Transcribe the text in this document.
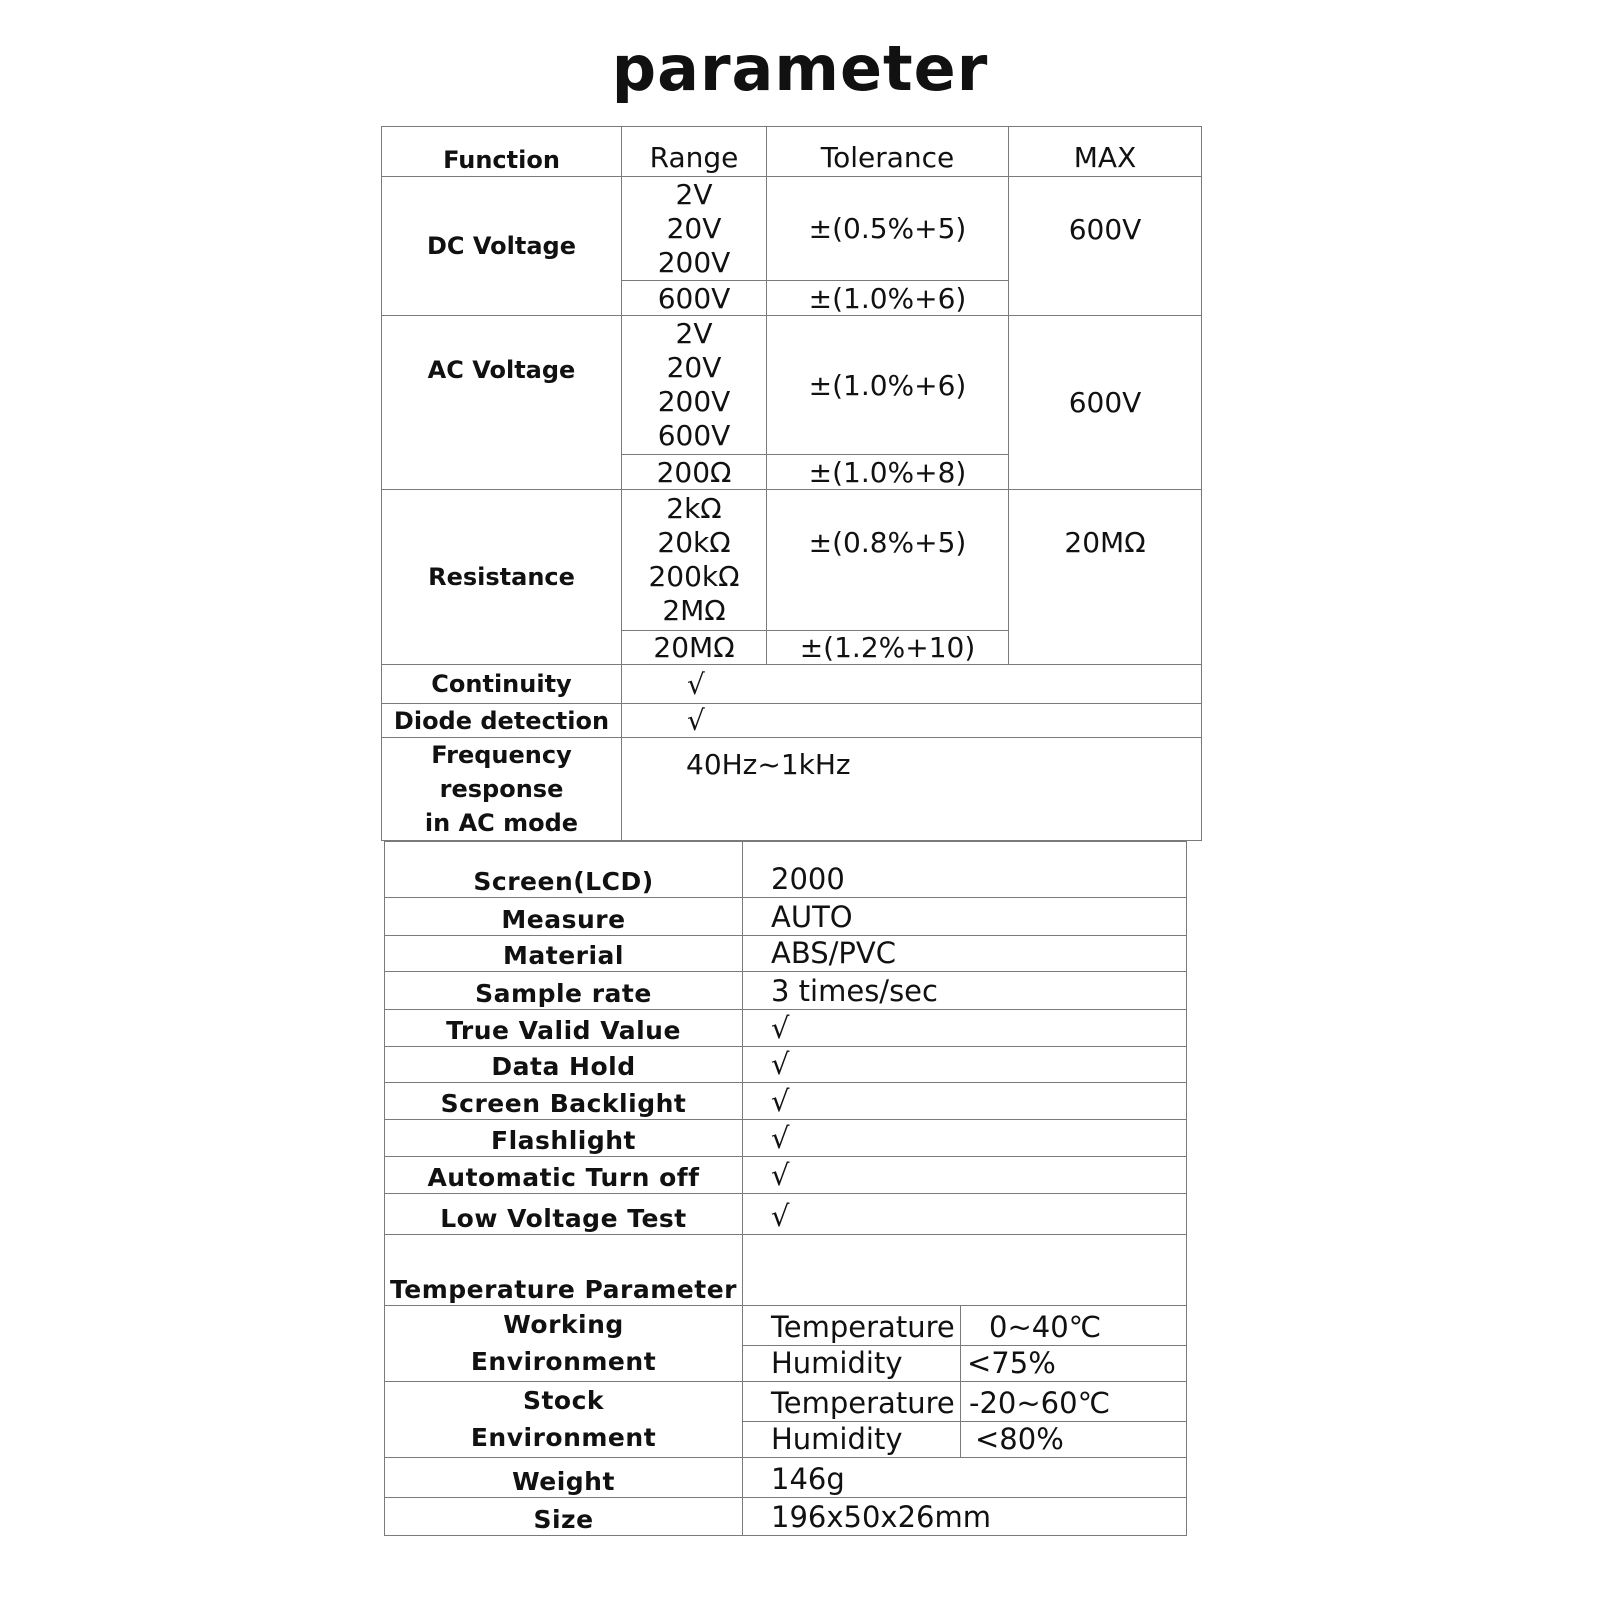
parameter
Function	Range	Tolerance	MAX
DC Voltage	2V
20V
200V	±(0.5%+5)	600V
	600V	±(1.0%+6)	
AC Voltage	2V
20V
200V
600V	±(1.0%+6)	600V
	200Ω	±(1.0%+8)	
Resistance	2kΩ
20kΩ
200kΩ
2MΩ	±(0.8%+5)	20MΩ
	20MΩ	±(1.2%+10)	
Continuity	√		
Diode detection	√		

Frequency response
in AC mode	40Hz~1kHz		
Screen(LCD)	2000	
Measure	AUTO	
Material	ABS/PVC	
Sample rate	3 times/sec	
True Valid Value	√	
Data Hold	√	
Screen Backlight	√	
Flashlight	√	
Automatic Turn off	√	
Low Voltage Test	√	
Temperature Parameter		

Working
Environment	Temperature	0~40℃
	Humidity	<75%

Stock
Environment	Temperature	-20~60℃
	Humidity	<80%
Weight	146g	
Size	196x50x26mm	
